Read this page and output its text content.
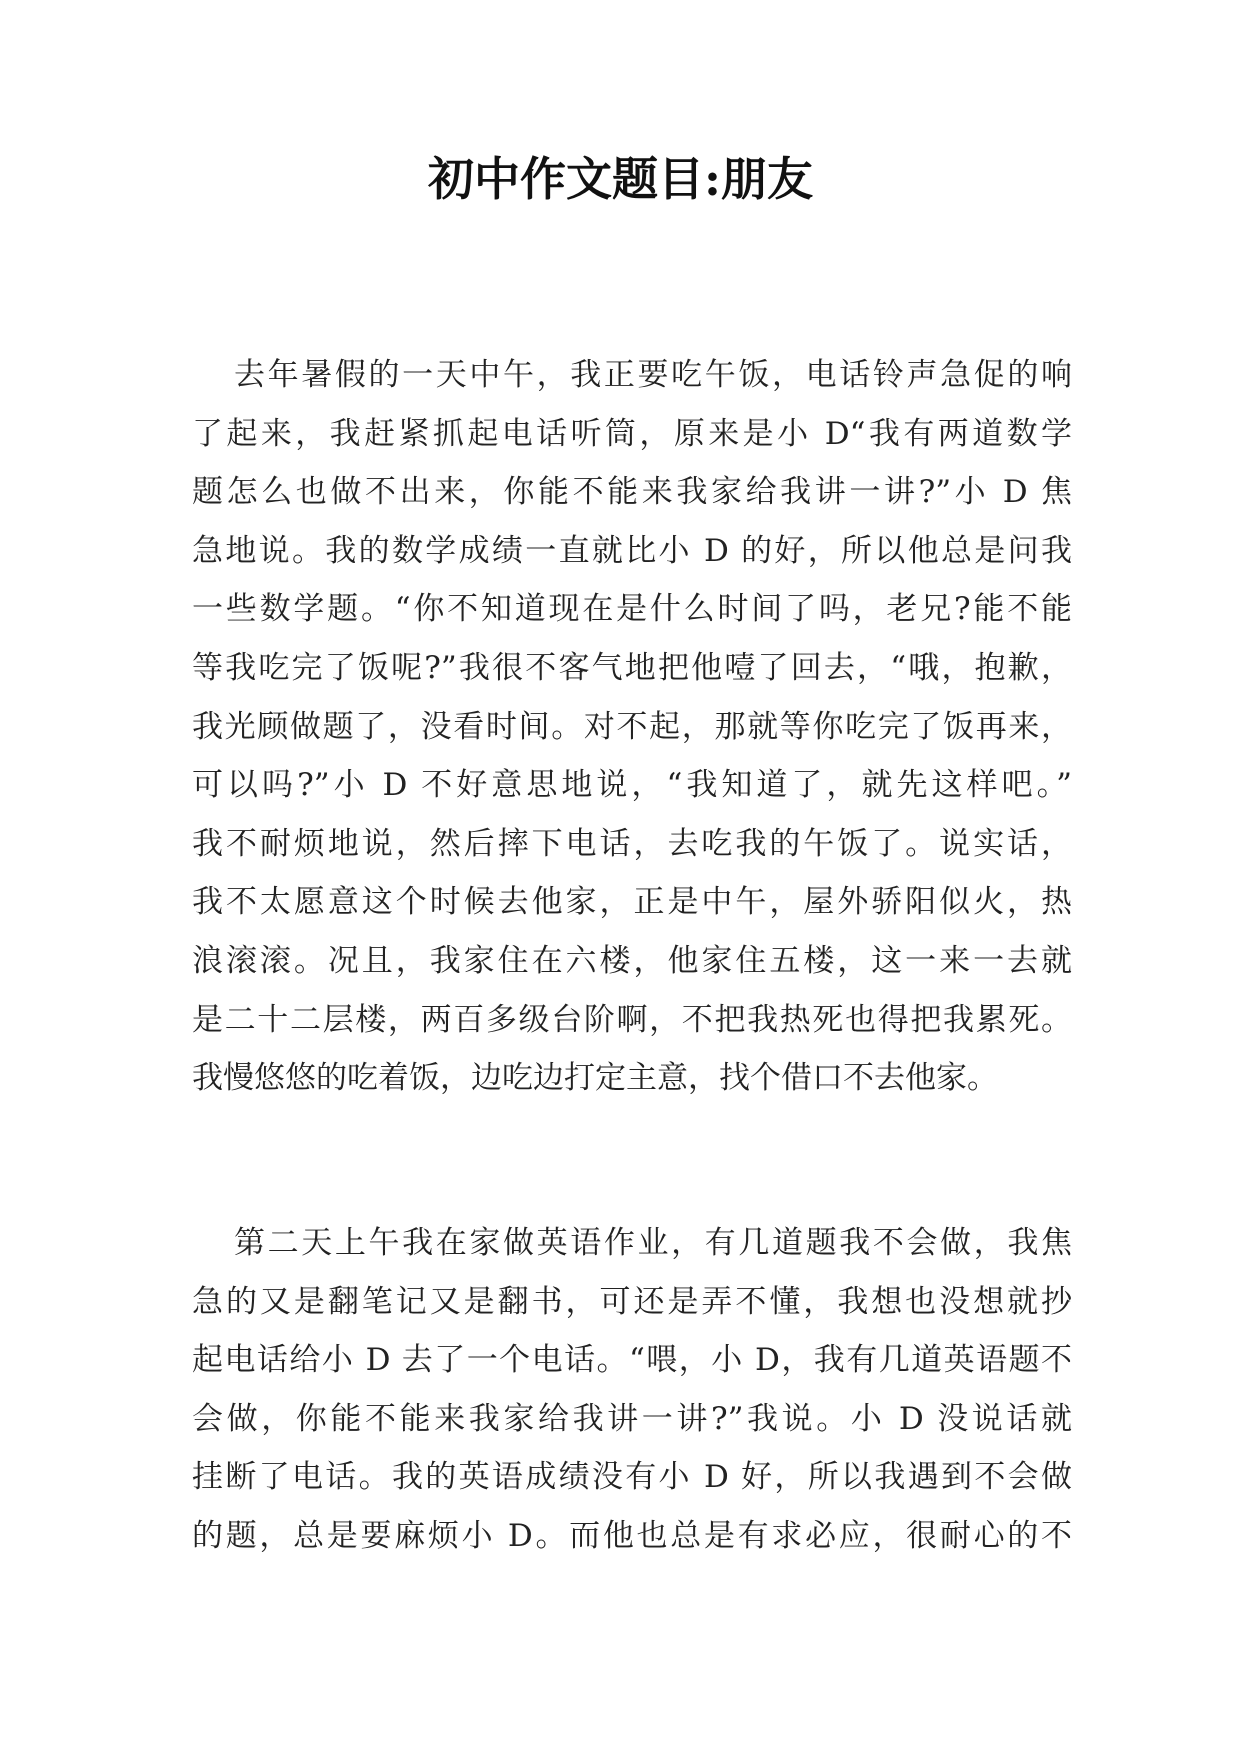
初中作文题目:朋友
去年暑假的一天中午，我正要吃午饭，电话铃声急促的响
了起来，我赶紧抓起电话听筒，原来是小 D“我有两道数学
题怎么也做不出来，你能不能来我家给我讲一讲?”小 D 焦
急地说。我的数学成绩一直就比小 D 的好，所以他总是问我
一些数学题。“你不知道现在是什么时间了吗，老兄?能不能
等我吃完了饭呢?”我很不客气地把他噎了回去，“哦，抱歉，
我光顾做题了，没看时间。对不起，那就等你吃完了饭再来，
可以吗?”小 D 不好意思地说，“我知道了，就先这样吧。”
我不耐烦地说，然后摔下电话，去吃我的午饭了。说实话，
我不太愿意这个时候去他家，正是中午，屋外骄阳似火，热
浪滚滚。况且，我家住在六楼，他家住五楼，这一来一去就
是二十二层楼，两百多级台阶啊，不把我热死也得把我累死。
我慢悠悠的吃着饭，边吃边打定主意，找个借口不去他家。
第二天上午我在家做英语作业，有几道题我不会做，我焦
急的又是翻笔记又是翻书，可还是弄不懂，我想也没想就抄
起电话给小 D 去了一个电话。“喂，小 D，我有几道英语题不
会做，你能不能来我家给我讲一讲?”我说。小 D 没说话就
挂断了电话。我的英语成绩没有小 D 好，所以我遇到不会做
的题，总是要麻烦小 D。而他也总是有求必应，很耐心的不
